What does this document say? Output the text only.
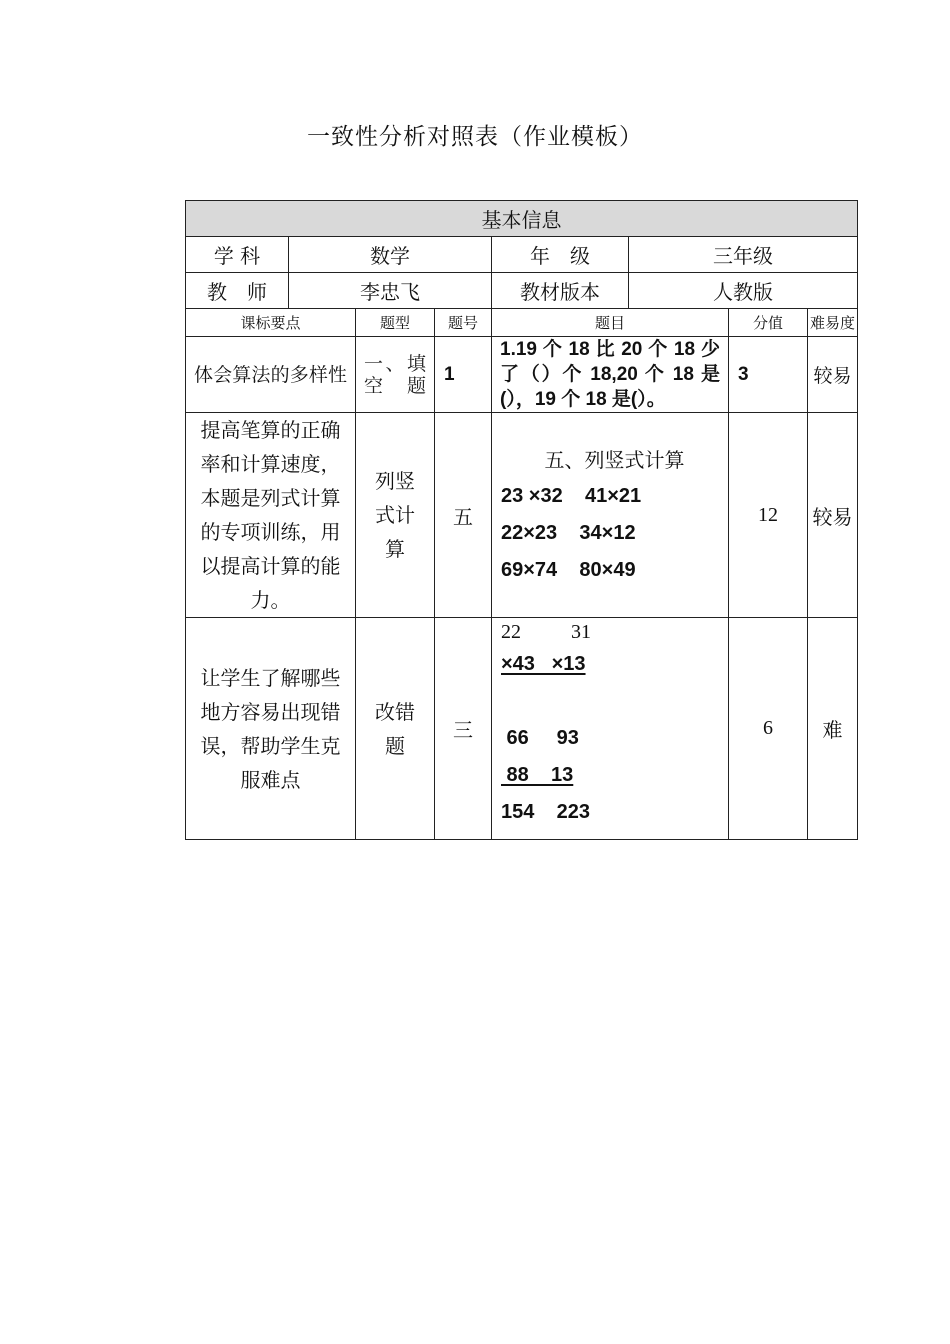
一致性分析对照表（作业模板）
基本信息							
学 科	数学			年　级	三年级		
教　师	李忠飞			教材版本	人教版		
课标要点		题型	题号	题目		分值	难易度
体会算法的多样性		一、填空题	1	1.19 个 18 比 20 个 18 少了（）个 18,20 个 18 是(），19 个 18 是(）。		3	较易
提高笔算的正确率和计算速度，本题是列式计算的专项训练，用以提高计算的能力。		列竖式计算	五	五、列竖式计算
23 ×32    41×21
22×23    34×12
69×74    80×49		12	较易
让学生了解哪些地方容易出现错误，帮助学生克服难点		改错题	三	22          31
×43   ×13
66     93
88    13
154    223		6	难
